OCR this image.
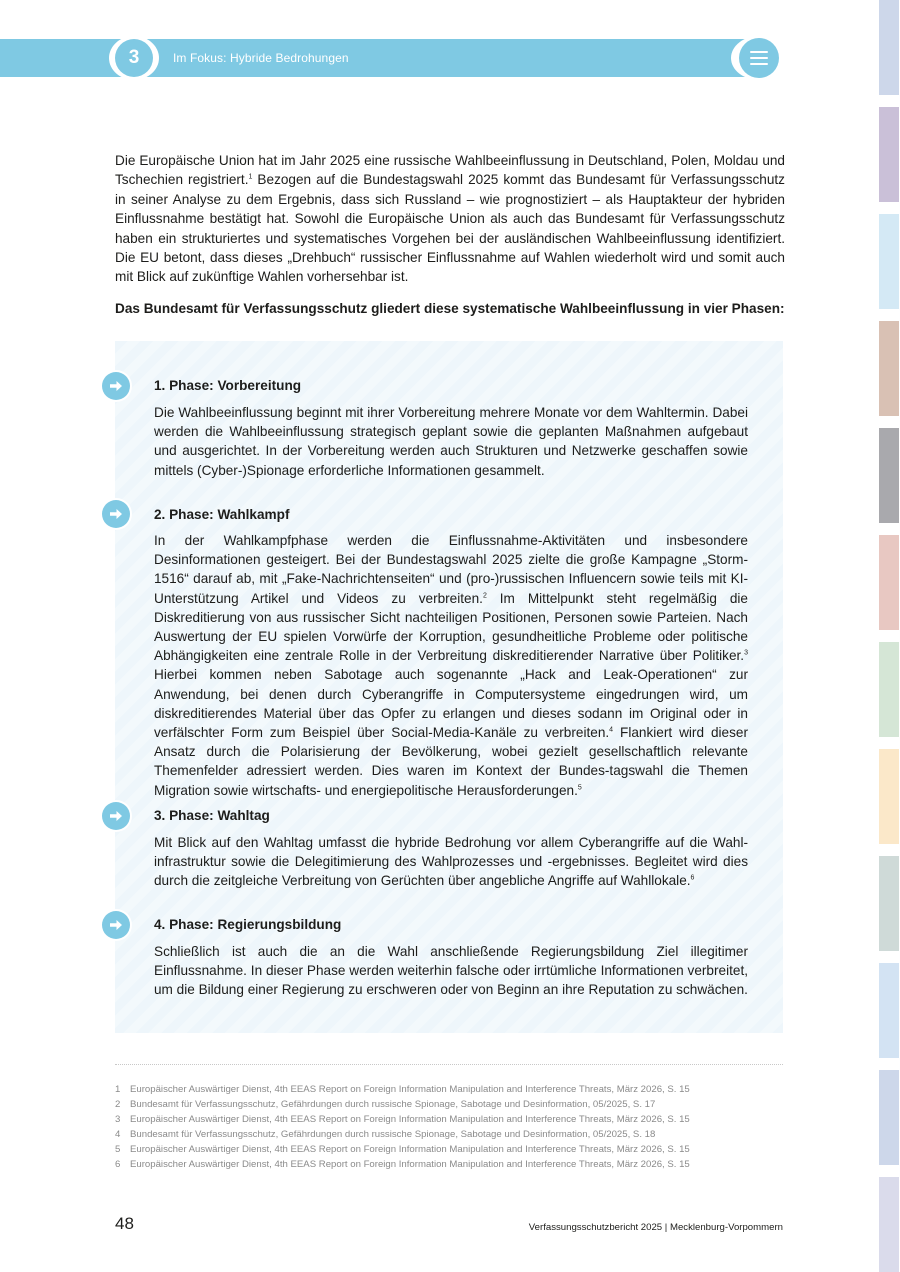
3	Im Fokus: Hybride Bedrohungen

Die Europäische Union hat im Jahr 2025 eine russische Wahlbeeinflussung in Deutschland, Polen, Moldau und Tschechien registriert.$^1$ Bezogen auf die Bundestagswahl 2025 kommt das Bundesamt für Verfassungsschutz in seiner Analyse zu dem Ergebnis, dass sich Russland – wie prognostiziert – als Hauptakteur der hybriden Einflussnahme bestätigt hat. Sowohl die Europäische Union als auch das Bundesamt für Verfassungsschutz haben ein strukturiertes und systematisches Vorgehen bei der ausländischen Wahlbeeinflussung identifiziert. Die EU betont, dass dieses „Drehbuch“ russischer Einflussnahme auf Wahlen wiederholt wird und somit auch mit Blick auf zukünftige Wahlen vorhersehbar ist.

Das Bundesamt für Verfassungsschutz gliedert diese systematische Wahlbeeinflussung in vier Phasen:

1. Phase: Vorbereitung

Die Wahlbeeinflussung beginnt mit ihrer Vorbereitung mehrere Monate vor dem Wahltermin. Dabei werden die Wahlbeeinflussung strategisch geplant sowie die geplanten Maßnahmen aufgebaut und ausgerichtet. In der Vorbereitung werden auch Strukturen und Netzwerke geschaffen sowie mittels (Cyber-)Spionage erforderliche Informationen gesammelt.

2. Phase: Wahlkampf

In der Wahlkampfphase werden die Einflussnahme-Aktivitäten und insbesondere Desinformationen gesteigert. Bei der Bundestagswahl 2025 zielte die große Kampagne „Storm-1516“ darauf ab, mit „Fake-Nachrichtenseiten“ und (pro-)russischen Influencern sowie teils mit KI-Unterstützung Artikel und Videos zu verbreiten.$^2$ Im Mittelpunkt steht regelmäßig die Diskreditierung von aus russischer Sicht nachteiligen Positionen, Personen sowie Parteien. Nach Auswertung der EU spielen Vorwürfe der Korruption, gesundheitliche Probleme oder politische Abhängigkeiten eine zentrale Rolle in der Verbreitung diskreditierender Narrative über Politiker.$^3$ Hierbei kommen neben Sabotage auch sogenannte „Hack and Leak-Operationen“ zur Anwendung, bei denen durch Cyberangriffe in Computersysteme eingedrungen wird, um diskreditierendes Material über das Opfer zu erlangen und dieses sodann im Original oder in verfälschter Form zum Beispiel über Social-Media-Kanäle zu verbreiten.$^4$ Flankiert wird dieser Ansatz durch die Polarisierung der Bevölkerung, wobei gezielt gesellschaftlich relevante Themenfelder adressiert werden. Dies waren im Kontext der Bundes-tagswahl die Themen Migration sowie wirtschafts- und energiepolitische Herausforderungen.$^5$

3. Phase: Wahltag

Mit Blick auf den Wahltag umfasst die hybride Bedrohung vor allem Cyberangriffe auf die Wahl-infrastruktur sowie die Delegitimierung des Wahlprozesses und -ergebnisses. Begleitet wird dies durch die zeitgleiche Verbreitung von Gerüchten über angebliche Angriffe auf Wahllokale.$^6$

4. Phase: Regierungsbildung

Schließlich ist auch die an die Wahl anschließende Regierungsbildung Ziel illegitimer Einflussnahme. In dieser Phase werden weiterhin falsche oder irrtümliche Informationen verbreitet, um die Bildung einer Regierung zu erschweren oder von Beginn an ihre Reputation zu schwächen.

1 Europäischer Auswärtiger Dienst, 4th EEAS Report on Foreign Information Manipulation and Interference Threats, März 2026, S. 15
2 Bundesamt für Verfassungsschutz, Gefährdungen durch russische Spionage, Sabotage und Desinformation, 05/2025, S. 17
3 Europäischer Auswärtiger Dienst, 4th EEAS Report on Foreign Information Manipulation and Interference Threats, März 2026, S. 15
4 Bundesamt für Verfassungsschutz, Gefährdungen durch russische Spionage, Sabotage und Desinformation, 05/2025, S. 18
5 Europäischer Auswärtiger Dienst, 4th EEAS Report on Foreign Information Manipulation and Interference Threats, März 2026, S. 15
6 Europäischer Auswärtiger Dienst, 4th EEAS Report on Foreign Information Manipulation and Interference Threats, März 2026, S. 15
48	Verfassungsschutzbericht 2025 | Mecklenburg-Vorpommern
